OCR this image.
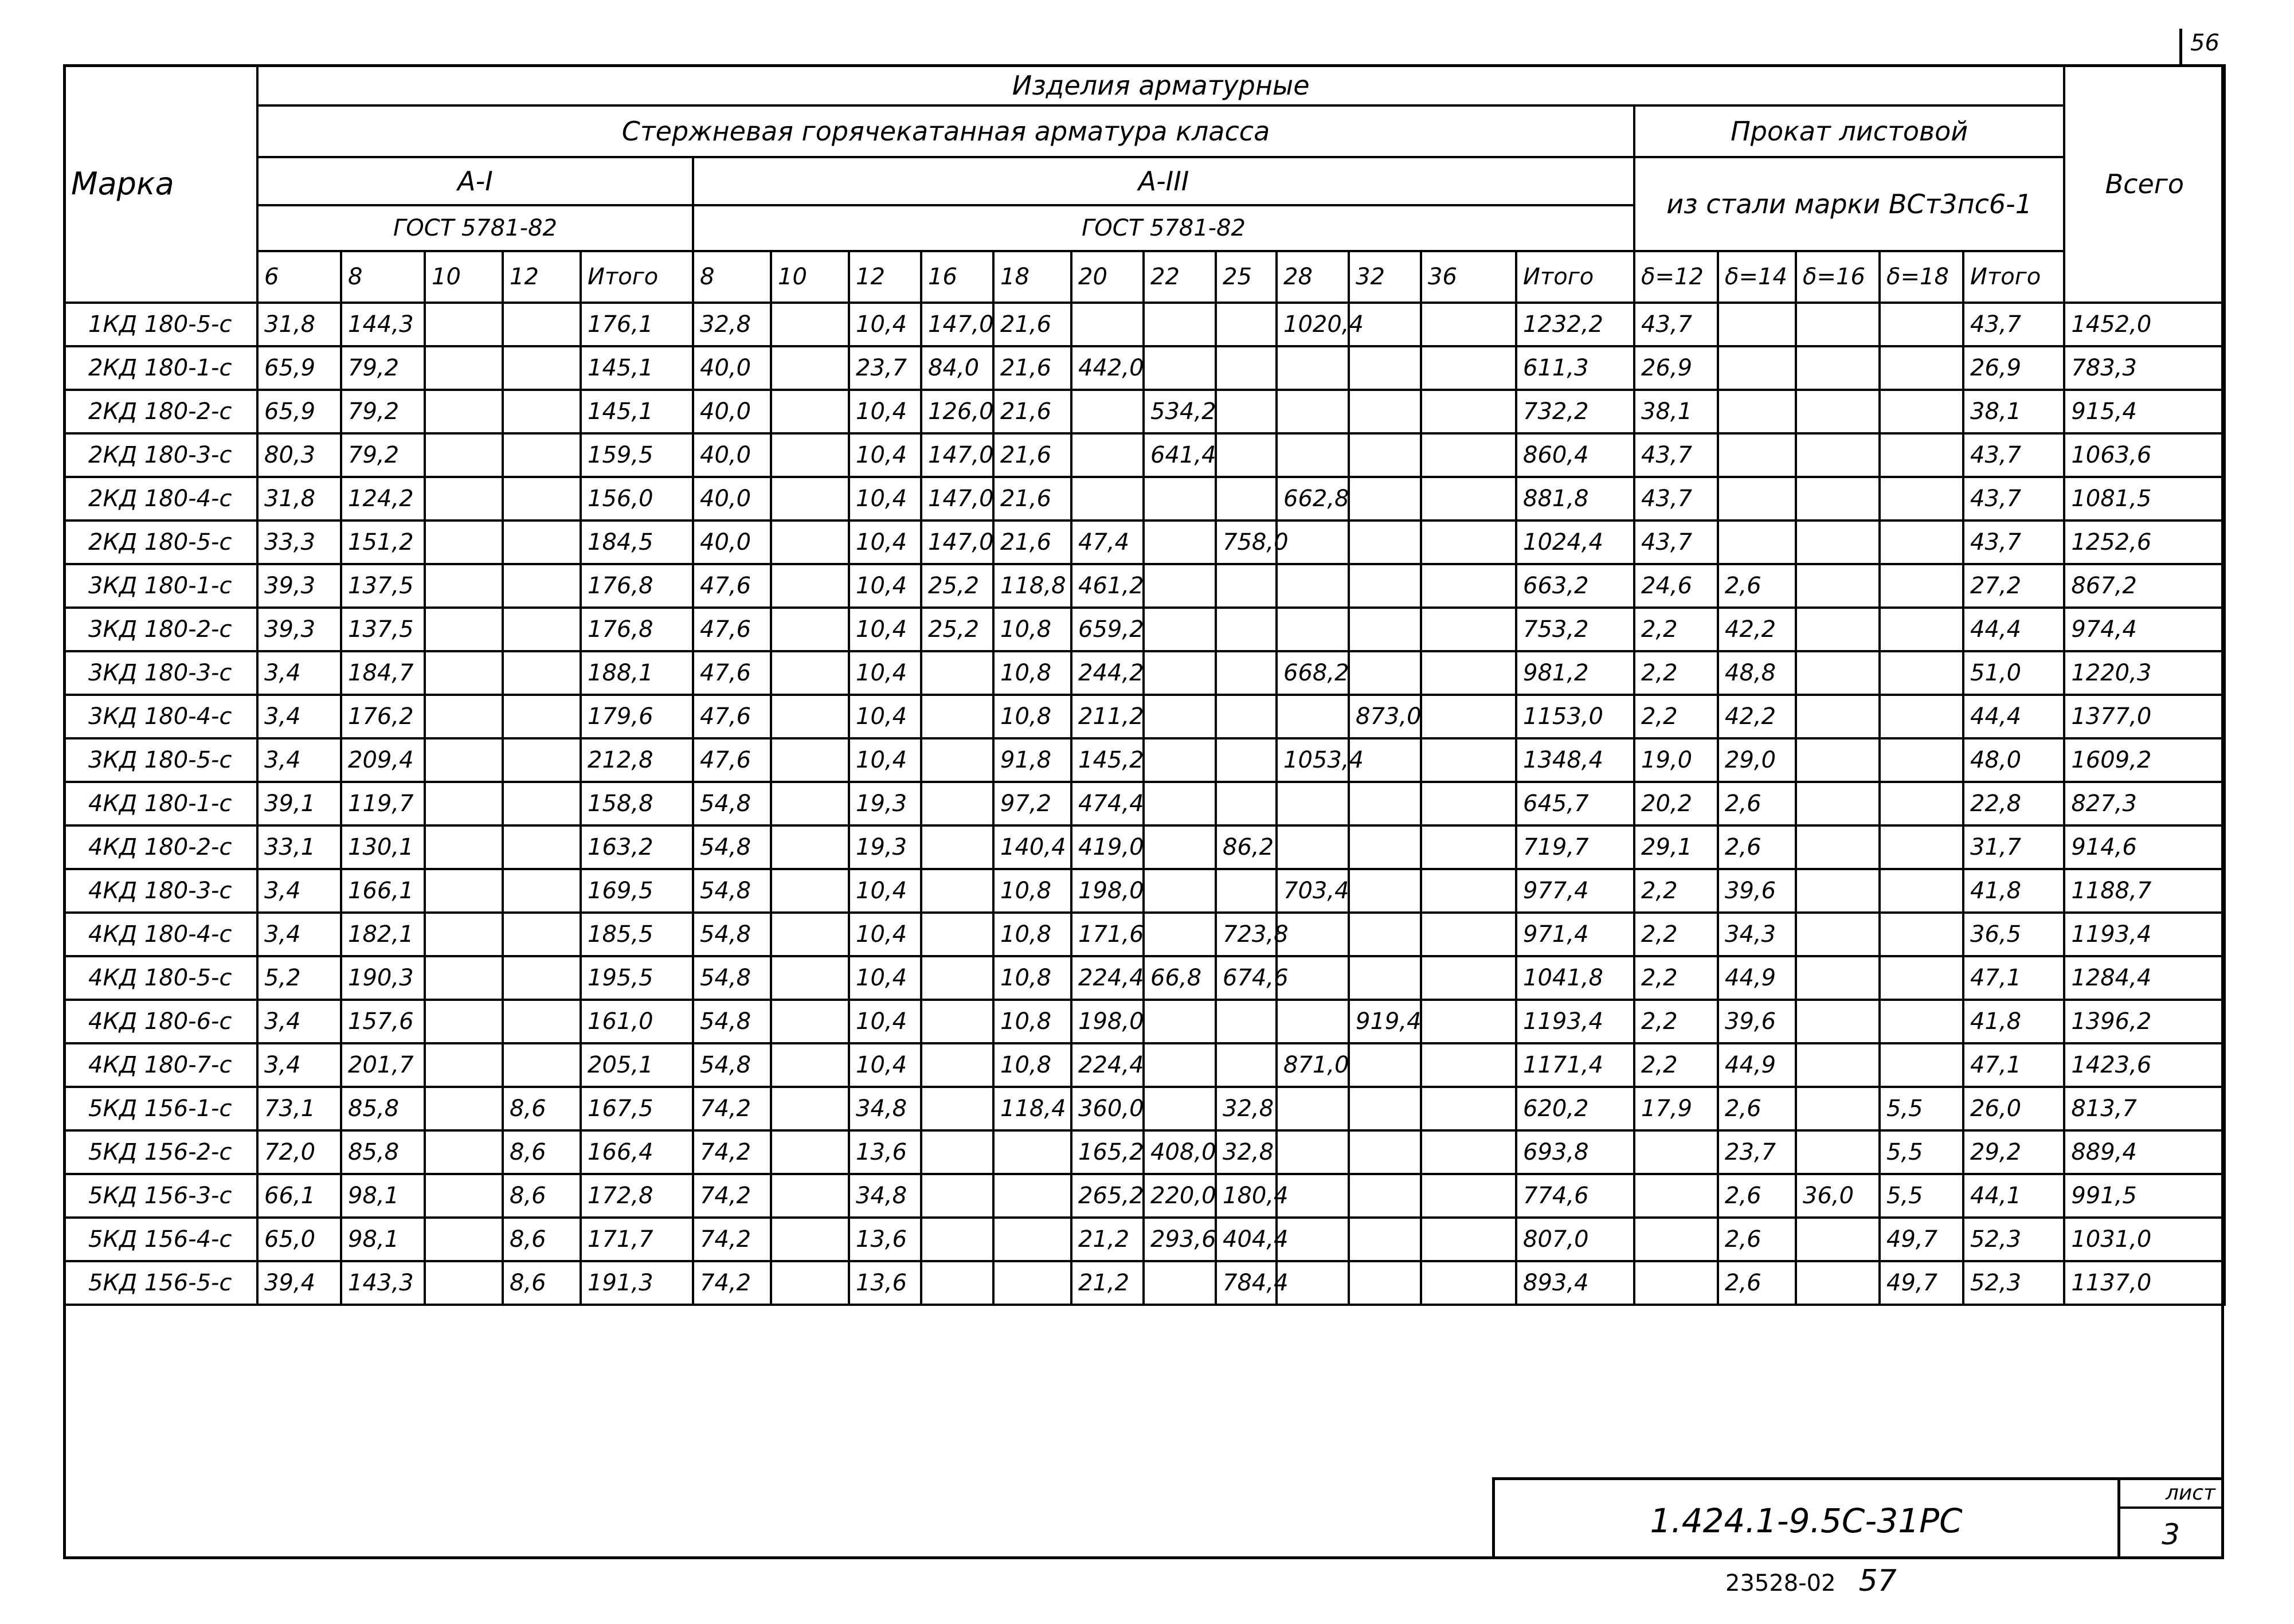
56
Марка	Изделия арматурные																						Всего
	Стержневая горячекатанная арматура класса																	Прокат листовой					
	A-I					A-III												из стали марки ВСт3пс6-1					
	ГОСТ 5781-82					ГОСТ 5781-82																	
	6	8	10	12	Итого	8	10	12	16	18	20	22	25	28	32	36	Итого	δ=12	δ=14	δ=16	δ=18	Итого	
1КД 180-5-с	31,8	144,3			176,1	32,8		10,4	147,0	21,6				1020,4			1232,2	43,7				43,7	1452,0
2КД 180-1-с	65,9	79,2			145,1	40,0		23,7	84,0	21,6	442,0						611,3	26,9				26,9	783,3
2КД 180-2-с	65,9	79,2			145,1	40,0		10,4	126,0	21,6		534,2					732,2	38,1				38,1	915,4
2КД 180-3-с	80,3	79,2			159,5	40,0		10,4	147,0	21,6		641,4					860,4	43,7				43,7	1063,6
2КД 180-4-с	31,8	124,2			156,0	40,0		10,4	147,0	21,6				662,8			881,8	43,7				43,7	1081,5
2КД 180-5-с	33,3	151,2			184,5	40,0		10,4	147,0	21,6	47,4		758,0				1024,4	43,7				43,7	1252,6
3КД 180-1-с	39,3	137,5			176,8	47,6		10,4	25,2	118,8	461,2						663,2	24,6	2,6			27,2	867,2
3КД 180-2-с	39,3	137,5			176,8	47,6		10,4	25,2	10,8	659,2						753,2	2,2	42,2			44,4	974,4
3КД 180-3-с	3,4	184,7			188,1	47,6		10,4		10,8	244,2			668,2			981,2	2,2	48,8			51,0	1220,3
3КД 180-4-с	3,4	176,2			179,6	47,6		10,4		10,8	211,2				873,0		1153,0	2,2	42,2			44,4	1377,0
3КД 180-5-с	3,4	209,4			212,8	47,6		10,4		91,8	145,2			1053,4			1348,4	19,0	29,0			48,0	1609,2
4КД 180-1-с	39,1	119,7			158,8	54,8		19,3		97,2	474,4						645,7	20,2	2,6			22,8	827,3
4КД 180-2-с	33,1	130,1			163,2	54,8		19,3		140,4	419,0		86,2				719,7	29,1	2,6			31,7	914,6
4КД 180-3-с	3,4	166,1			169,5	54,8		10,4		10,8	198,0			703,4			977,4	2,2	39,6			41,8	1188,7
4КД 180-4-с	3,4	182,1			185,5	54,8		10,4		10,8	171,6		723,8				971,4	2,2	34,3			36,5	1193,4
4КД 180-5-с	5,2	190,3			195,5	54,8		10,4		10,8	224,4	66,8	674,6				1041,8	2,2	44,9			47,1	1284,4
4КД 180-6-с	3,4	157,6			161,0	54,8		10,4		10,8	198,0				919,4		1193,4	2,2	39,6			41,8	1396,2
4КД 180-7-с	3,4	201,7			205,1	54,8		10,4		10,8	224,4			871,0			1171,4	2,2	44,9			47,1	1423,6
5КД 156-1-с	73,1	85,8		8,6	167,5	74,2		34,8		118,4	360,0		32,8				620,2	17,9	2,6		5,5	26,0	813,7
5КД 156-2-с	72,0	85,8		8,6	166,4	74,2		13,6			165,2	408,0	32,8				693,8		23,7		5,5	29,2	889,4
5КД 156-3-с	66,1	98,1		8,6	172,8	74,2		34,8			265,2	220,0	180,4				774,6		2,6	36,0	5,5	44,1	991,5
5КД 156-4-с	65,0	98,1		8,6	171,7	74,2		13,6			21,2	293,6	404,4				807,0		2,6		49,7	52,3	1031,0
5КД 156-5-с	39,4	143,3		8,6	191,3	74,2		13,6			21,2		784,4				893,4		2,6		49,7	52,3	1137,0
1.424.1-9.5С-31РС
лист
3
23528-02 57
